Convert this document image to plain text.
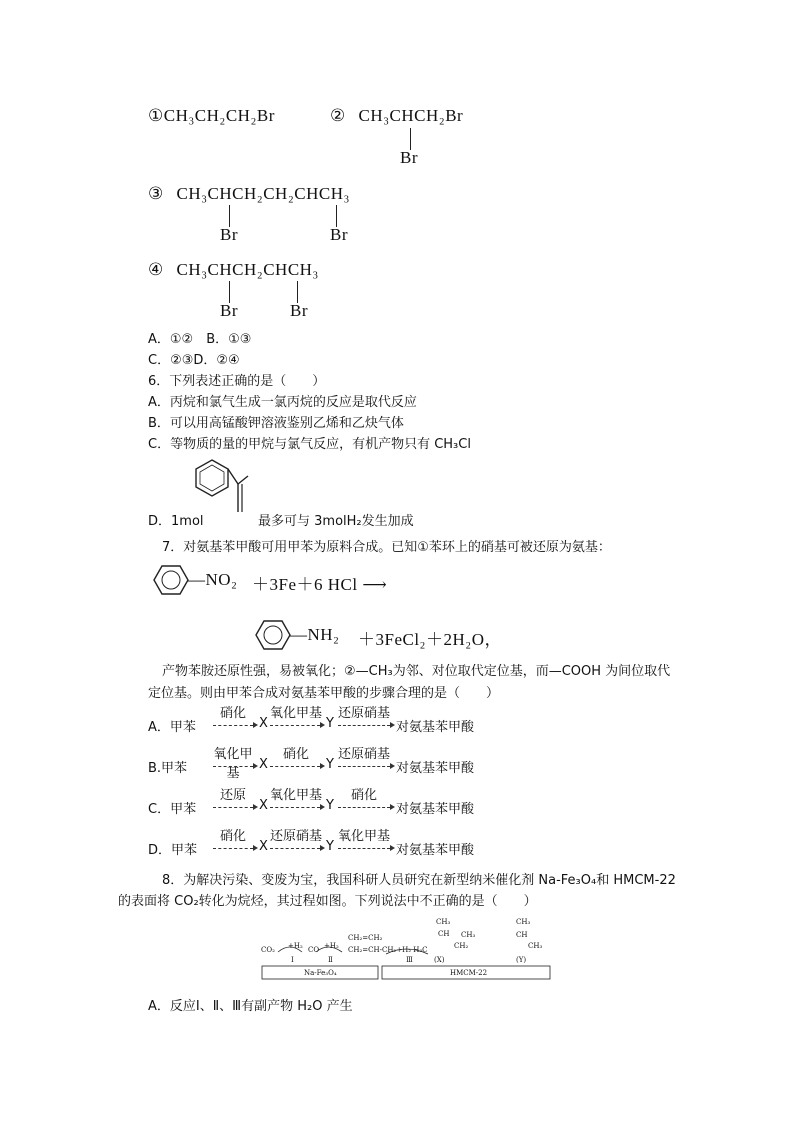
①CH₃CH₂CH₂Br	② CH₃CHCH₂Br
Br
③ CH₃CHCH₂CH₂CHCH₃
Br	Br
④ CH₃CHCH₂CHCH₃
Br	Br
A．①②　B．①③
C．②③D．②④
6．下列表述正确的是（　　）
A．丙烷和氯气生成一氯丙烷的反应是取代反应
B．可以用高锰酸钾溶液鉴别乙烯和乙炔气体
C．等物质的量的甲烷与氯气反应，有机产物只有 CH₃Cl
D．1mol	最多可与 3molH₂发生加成
7．对氨基苯甲酸可用甲苯为原料合成。已知①苯环上的硝基可被还原为氨基：
—NO₂ ＋3Fe＋6 HCl ⟶
—NH₂ ＋3FeCl₂＋2H₂O，
产物苯胺还原性强，易被氧化；②—CH₃为邻、对位取代定位基，而—COOH 为间位取代
定位基。则由甲苯合成对氨基苯甲酸的步骤合理的是（　　）
A．甲苯
硝化
X
氧化甲基
Y
还原硝基
对氨基苯甲酸
B.甲苯
氧化甲基
X
硝化
Y
还原硝基
对氨基苯甲酸
C．甲苯
还原
X
氧化甲基
Y
硝化
对氨基苯甲酸
D．甲苯
硝化
X
还原硝基
Y
氧化甲基
对氨基苯甲酸
8．为解决污染、变废为宝，我国科研人员研究在新型纳米催化剂 Na-Fe₃O₄和 HMCM-22
的表面将 CO₂转化为烷烃，其过程如图。下列说法中不正确的是（　　）
CO₂ +H₂
Ⅰ
CO +H₂
Ⅱ
CH₂=CH₂
CH₂=CH-CH₂+H₂ H₃C
Ⅲ
CH₃
CH
CH₂
CH₃
(X)
CH₃
CH
CH₃
(Y)
Na-Fe₃O₄	HMCM-22
A．反应Ⅰ、Ⅱ、Ⅲ有副产物 H₂O 产生
